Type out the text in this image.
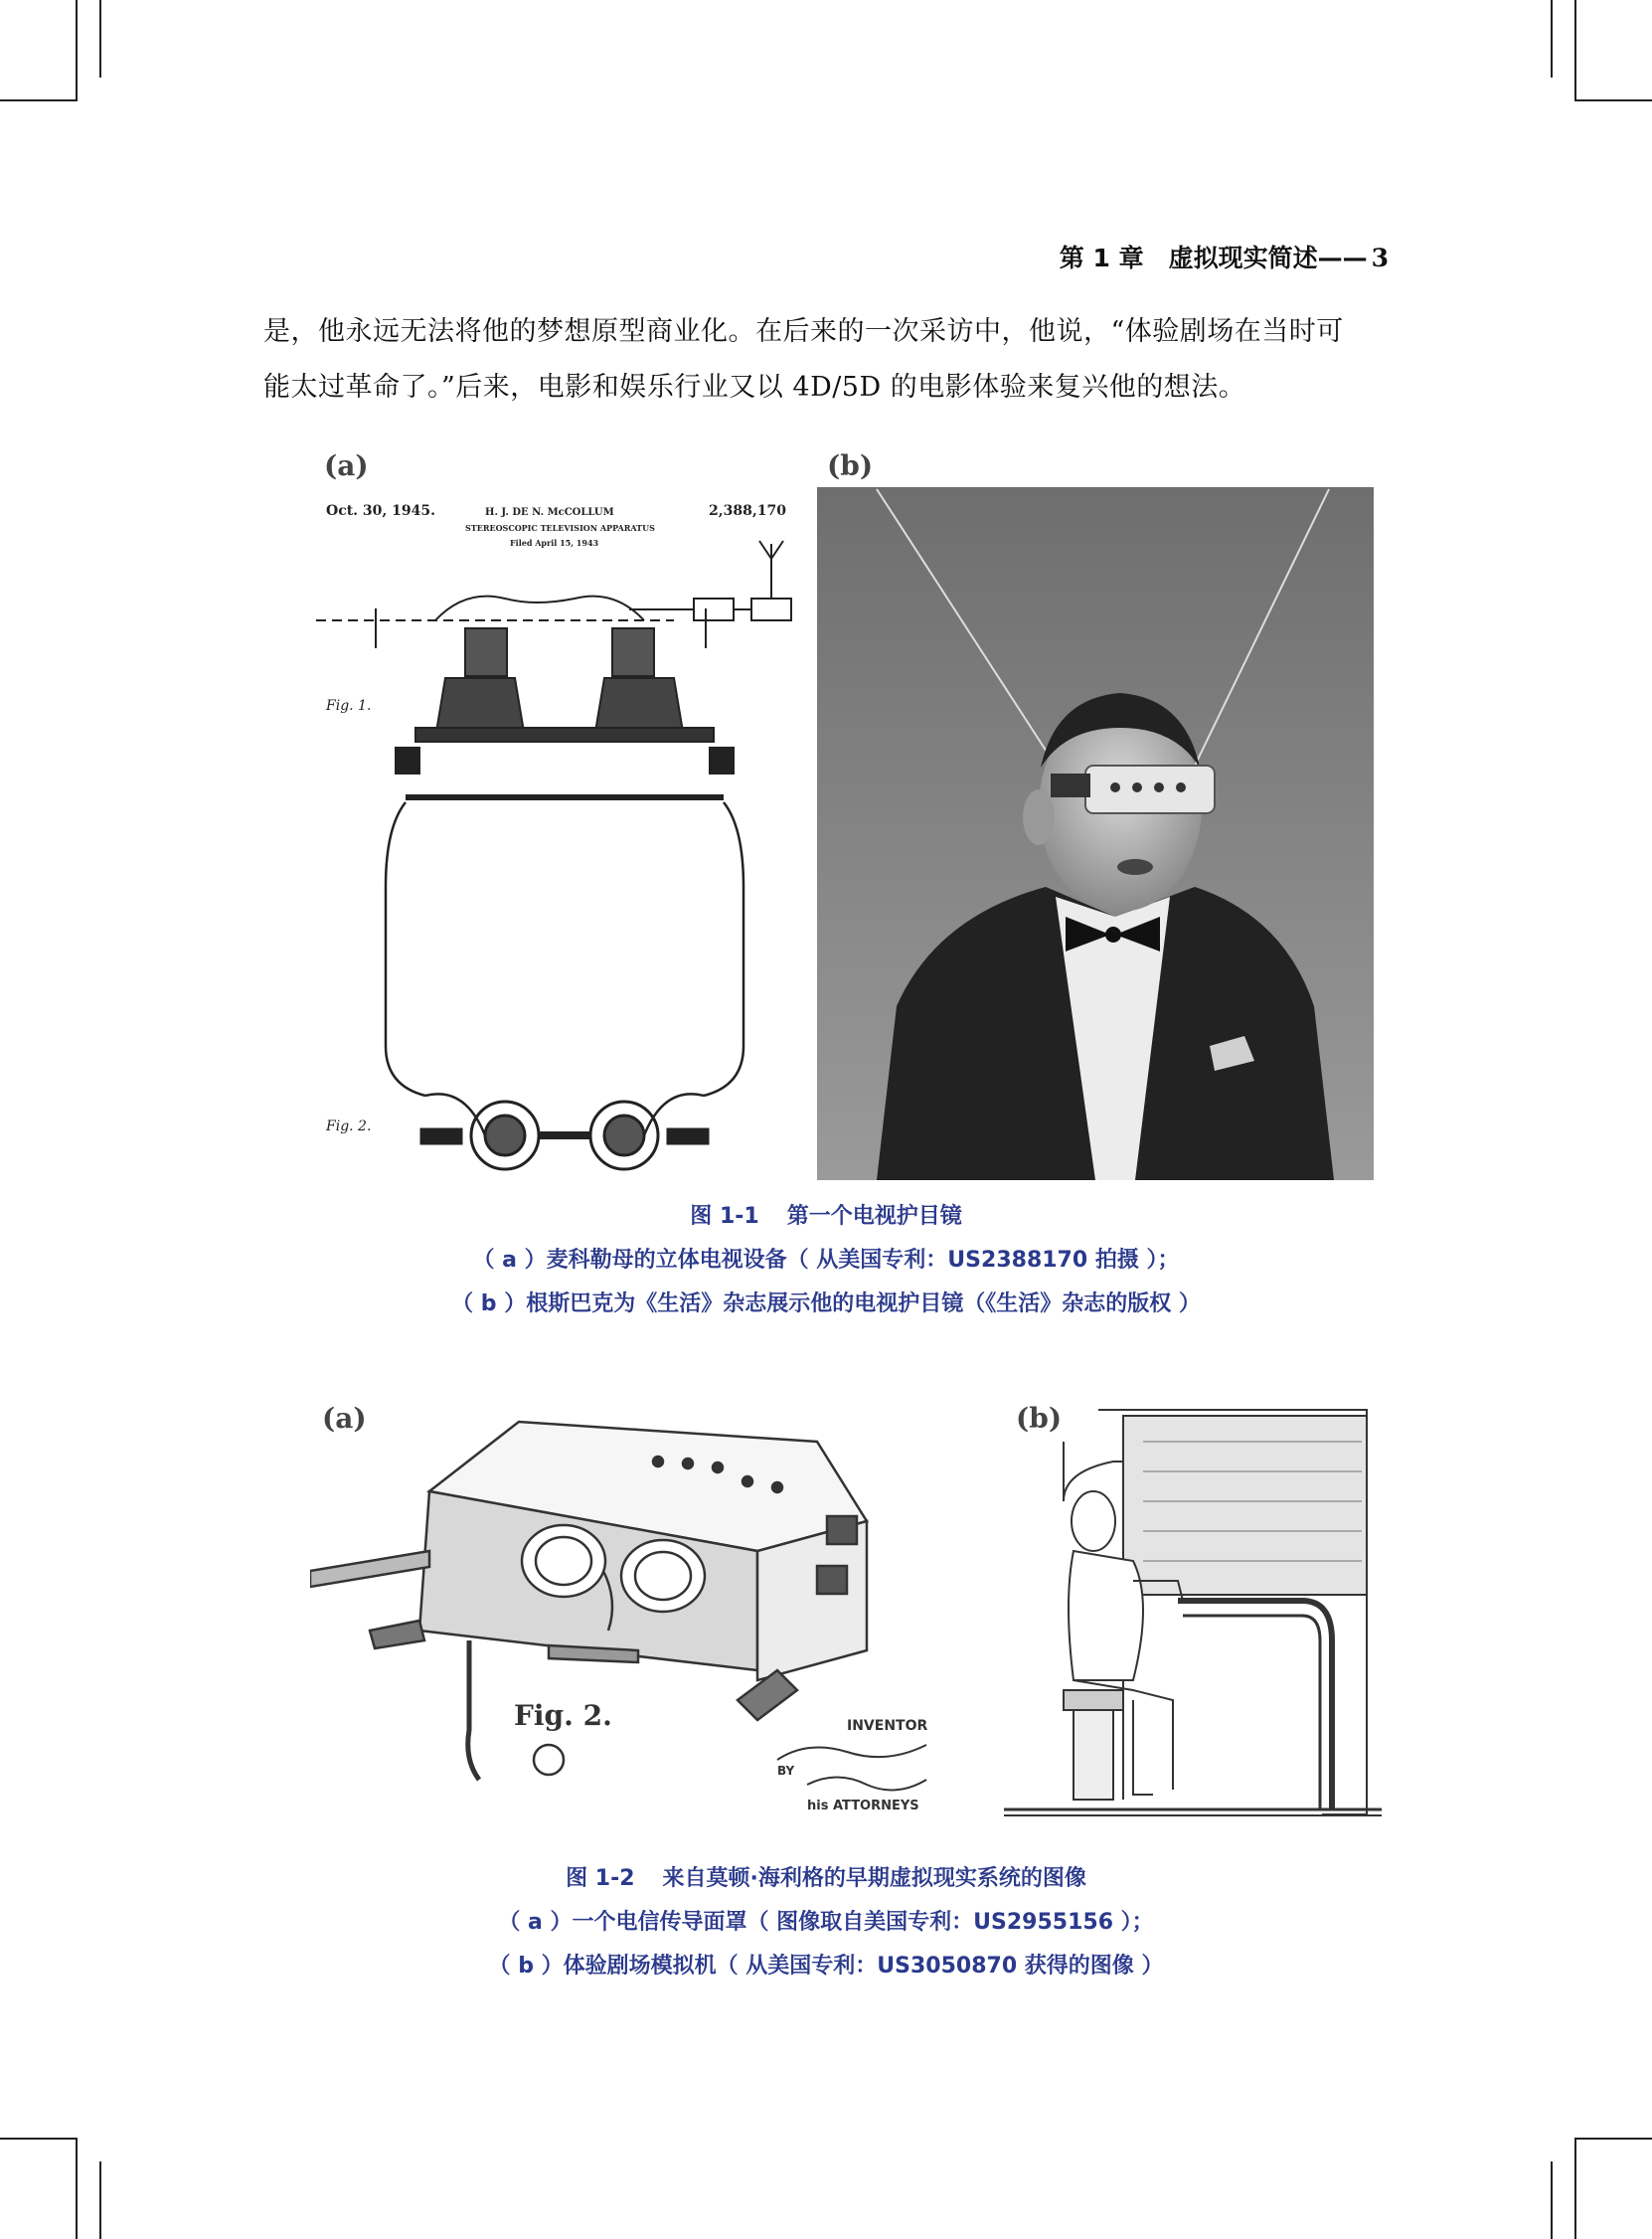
第 1 章　虚拟现实简述—— 3

是，他永远无法将他的梦想原型商业化。在后来的一次采访中，他说，“体验剧场在当时可

能太过革命了。”后来，电影和娱乐行业又以 4D/5D 的电影体验来复兴他的想法。

(a)
Oct. 30, 1945.	H. J. DE N. McCOLLUM	2,388,170
STEREOSCOPIC TELEVISION APPARATUS
Filed April 15, 1943
Fig. 1.
Fig. 2.
(b)
图 1-1 第一个电视护目镜
（ a ）麦科勒母的立体电视设备（ 从美国专利：US2388170 拍摄 ）；
（ b ）根斯巴克为《生活》杂志展示他的电视护目镜（《生活》杂志的版权 ）
(a)
Fig. 2.	INVENTOR
BY
his ATTORNEYS
(b)
图 1-2 来自莫顿·海利格的早期虚拟现实系统的图像
（ a ）一个电信传导面罩（ 图像取自美国专利：US2955156 ）；
（ b ）体验剧场模拟机（ 从美国专利：US3050870 获得的图像 ）
